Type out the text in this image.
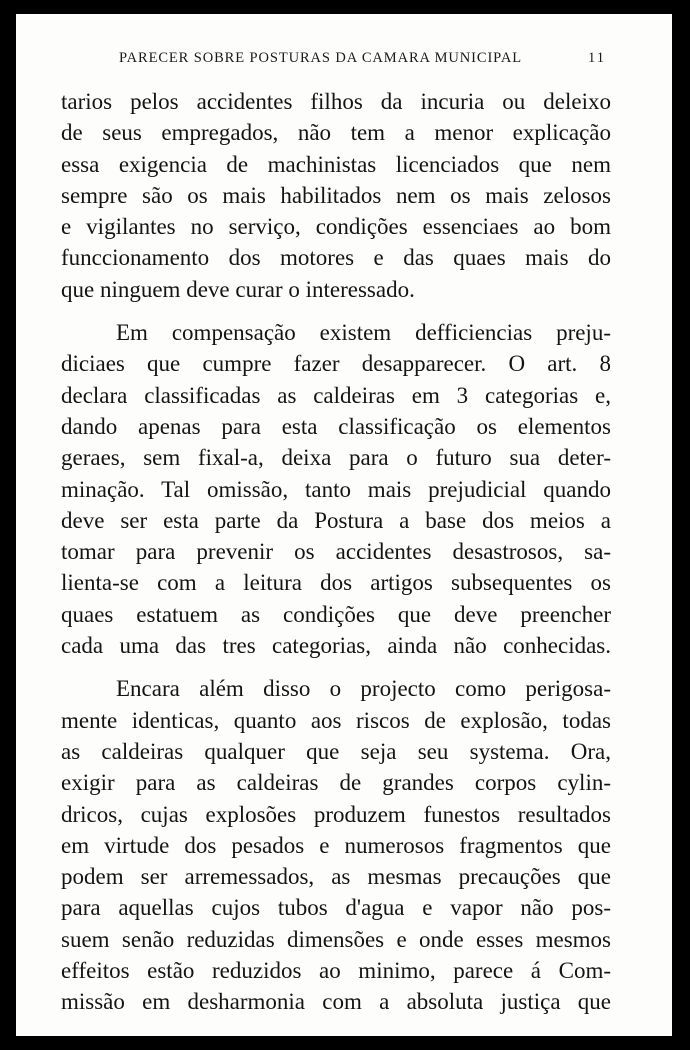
PARECER SOBRE POSTURAS DA CAMARA MUNICIPAL	11
tarios pelos accidentes filhos da incuria ou deleixo
de seus empregados, não tem a menor explicação
essa exigencia de machinistas licenciados que nem
sempre são os mais habilitados nem os mais zelosos
e vigilantes no serviço, condições essenciaes ao bom
funccionamento dos motores e das quaes mais do
que ninguem deve curar o interessado.
Em compensação existem defficiencias preju-
diciaes que cumpre fazer desapparecer. O art. 8
declara classificadas as caldeiras em 3 categorias e,
dando apenas para esta classificação os elementos
geraes, sem fixal-a, deixa para o futuro sua deter-
minação. Tal omissão, tanto mais prejudicial quando
deve ser esta parte da Postura a base dos meios a
tomar para prevenir os accidentes desastrosos, sa-
lienta-se com a leitura dos artigos subsequentes os
quaes estatuem as condições que deve preencher
cada uma das tres categorias, ainda não conhecidas.
Encara além disso o projecto como perigosa-
mente identicas, quanto aos riscos de explosão, todas
as caldeiras qualquer que seja seu systema. Ora,
exigir para as caldeiras de grandes corpos cylin-
dricos, cujas explosões produzem funestos resultados
em virtude dos pesados e numerosos fragmentos que
podem ser arremessados, as mesmas precauções que
para aquellas cujos tubos d'agua e vapor não pos-
suem senão reduzidas dimensões e onde esses mesmos
effeitos estão reduzidos ao minimo, parece á Com-
missão em desharmonia com a absoluta justiça que
